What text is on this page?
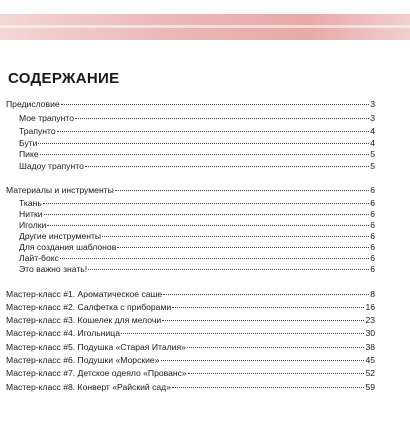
СОДЕРЖАНИЕ
Предисловие	3
Мое трапунто	3
Трапунто	4
Бути	4
Пике	5
Шадоу трапунто	5
Материалы и инструменты	6
Ткань	6
Нитки	6
Иголки	6
Другие инструменты	6
Для создания шаблонов	6
Лайт-бокс	6
Это важно знать!	6
Мастер-класс #1. Ароматическое саше	8
Мастер-класс #2. Салфетка с приборами	16
Мастер-класс #3. Кошелек для мелочи	23
Мастер-класс #4. Игольница	30
Мастер-класс #5. Подушка «Старая Италия»	38
Мастер-класс #6. Подушки «Морские»	45
Мастер-класс #7. Детское одеяло «Прованс»	52
Мастер-класс #8. Конверт «Райский сад»	59
